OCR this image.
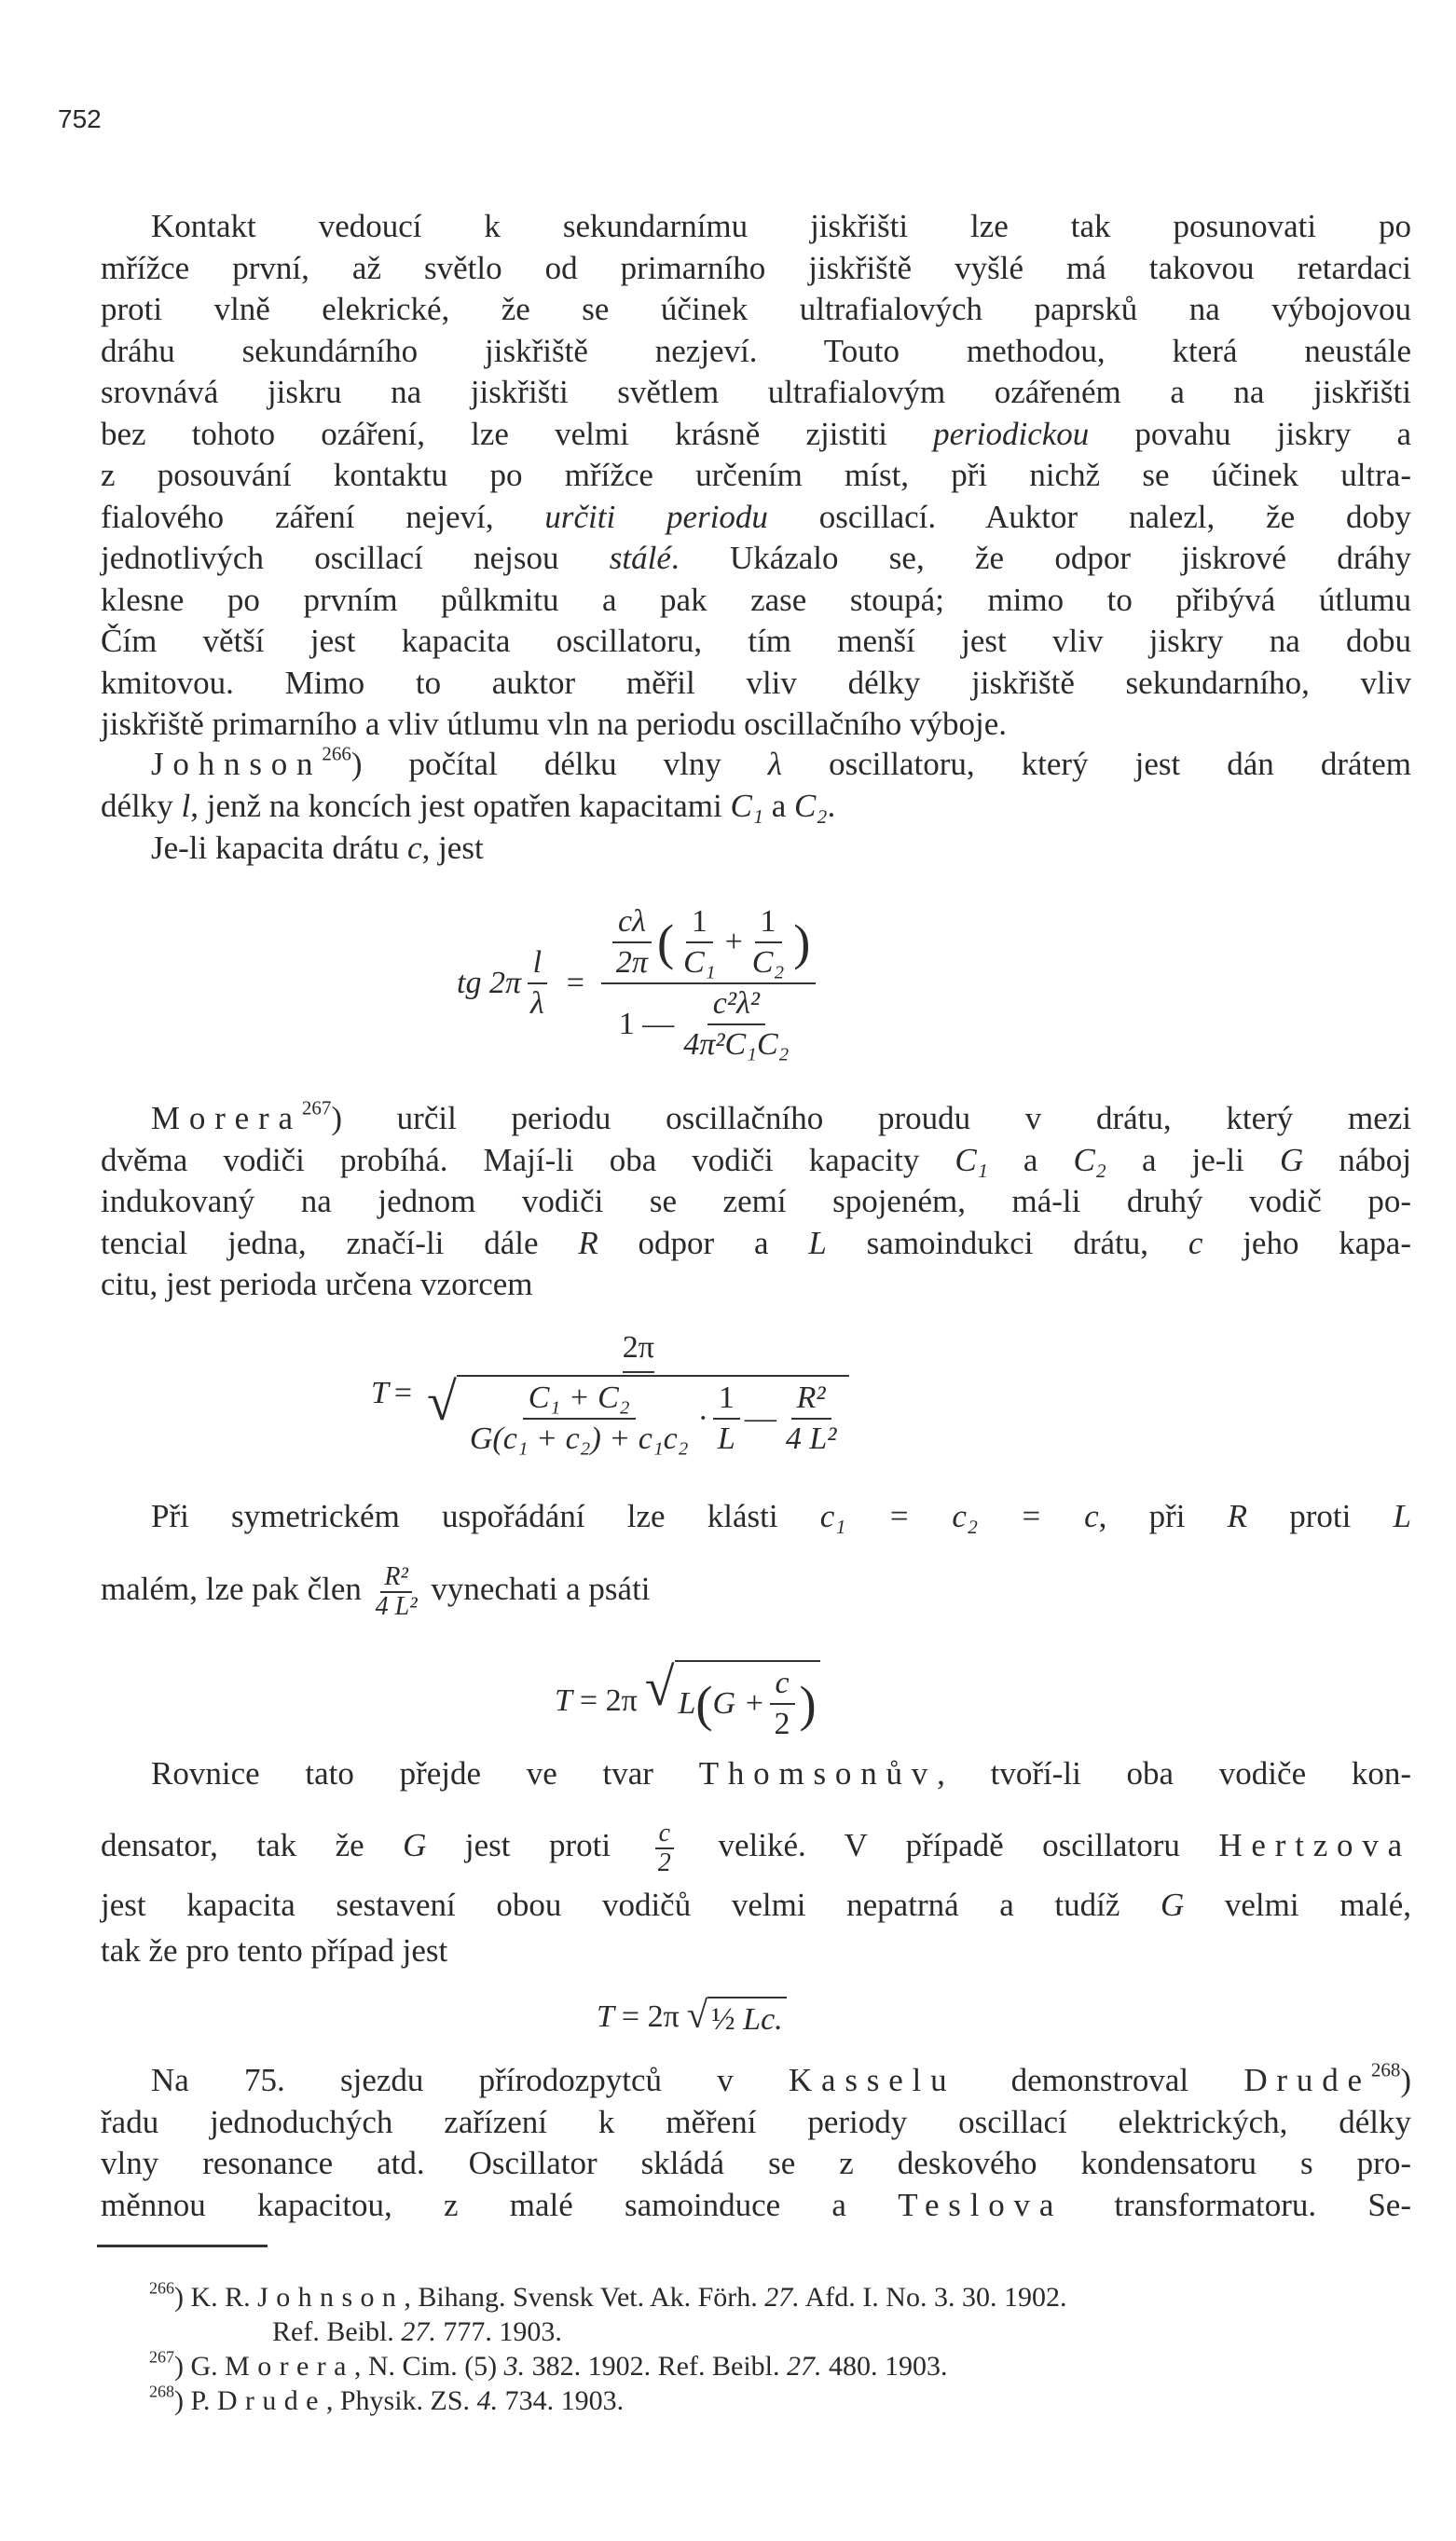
752
Kontakt vedoucí k sekundarnímu jiskřišti lze tak posunovati po
mřížce první, až světlo od primarního jiskřiště vyšlé má takovou retardaci
proti vlně elekrické, že se účinek ultrafialových paprsků na výbojovou
dráhu sekundárního jiskřiště nezjeví. Touto methodou, která neustále
srovnává jiskru na jiskřišti světlem ultrafialovým ozářeném a na jiskřišti
bez tohoto ozáření, lze velmi krásně zjistiti periodickou povahu jiskry a
z posouvání kontaktu po mřížce určením míst, při nichž se účinek ultra-
fialového záření nejeví, určiti periodu oscillací. Auktor nalezl, že doby
jednotlivých oscillací nejsou stálé. Ukázalo se, že odpor jiskrové dráhy
klesne po prvním půlkmitu a pak zase stoupá; mimo to přibývá útlumu
Čím větší jest kapacita oscillatoru, tím menší jest vliv jiskry na dobu
kmitovou. Mimo to auktor měřil vliv délky jiskřiště sekundarního, vliv
jiskřiště primarního a vliv útlumu vln na periodu oscillačního výboje.
Johnson$^{266}$) počítal délku vlny λ oscillatoru, který jest dán drátem
délky l, jenž na koncích jest opatřen kapacitami C₁ a C₂.
Je-li kapacita drátu c, jest
tg $2\pi \frac{l}{\lambda} = \frac{\frac{c\lambda}{2\pi} ( \frac{1}{\text{C₁}} + \frac{1}{\text{C₂}} )}{1 — \frac{\text{c²λ²}}{\text{4π²C₁C₂}}}$
Morera$^{267}$) určil periodu oscillačního proudu v drátu, který mezi
dvěma vodiči probíhá. Mají-li oba vodiči kapacity C₁ a C₂ a je-li G náboj
indukovaný na jednom vodiči se zemí spojeném, má-li druhý vodič po-
tencial jedna, značí-li dále R odpor a L samoindukci drátu, c jeho kapa-
citu, jest perioda určena vzorcem
T =
2π
√ $\frac{\text{C₁ + C₂}}{\text{G(c₁ + c₂) + c₁c₂}} \cdot \frac{1}{L}$ — $\frac{\text{R²}}{\text{4 L²}}$
Při symetrickém uspořádání lze klásti c₁ = c₂ = c, při R proti L
malém, lze pak člen $\frac{\text{R²}}{\text{4 L²}}$ vynechati a psáti
T = 2π √ L ( $G + \frac{c}{2}$ )
Rovnice tato přejde ve tvar Thomsonův, tvoří-li oba vodiče kon-
densator, tak že G jest proti $\frac{c}{2}$ veliké. V případě oscillatoru Hertzova
jest kapacita sestavení obou vodičů velmi nepatrná a tudíž G velmi malé,
tak že pro tento případ jest
T = 2π √ ½
Lc.
Na 75. sjezdu přírodozpytců v Kasselu demonstroval Drude$^{268}$)
řadu jednoduchých zařízení k měření periody oscillací elektrických, délky
vlny resonance atd. Oscillator skládá se z deskového kondensatoru s pro-
měnnou kapacitou, z malé samoinduce a Teslova transformatoru. Se-
$^{266}$) K. R. Johnson, Bihang. Svensk Vet. Ak. Förh. 27. Afd. I. No. 3. 30. 1902.
Ref. Beibl. 27. 777. 1903.
$^{267}$) G. Morera, N. Cim. (5) 3. 382. 1902. Ref. Beibl. 27. 480. 1903.
$^{268}$) P. Drude, Physik. ZS. 4. 734. 1903.
